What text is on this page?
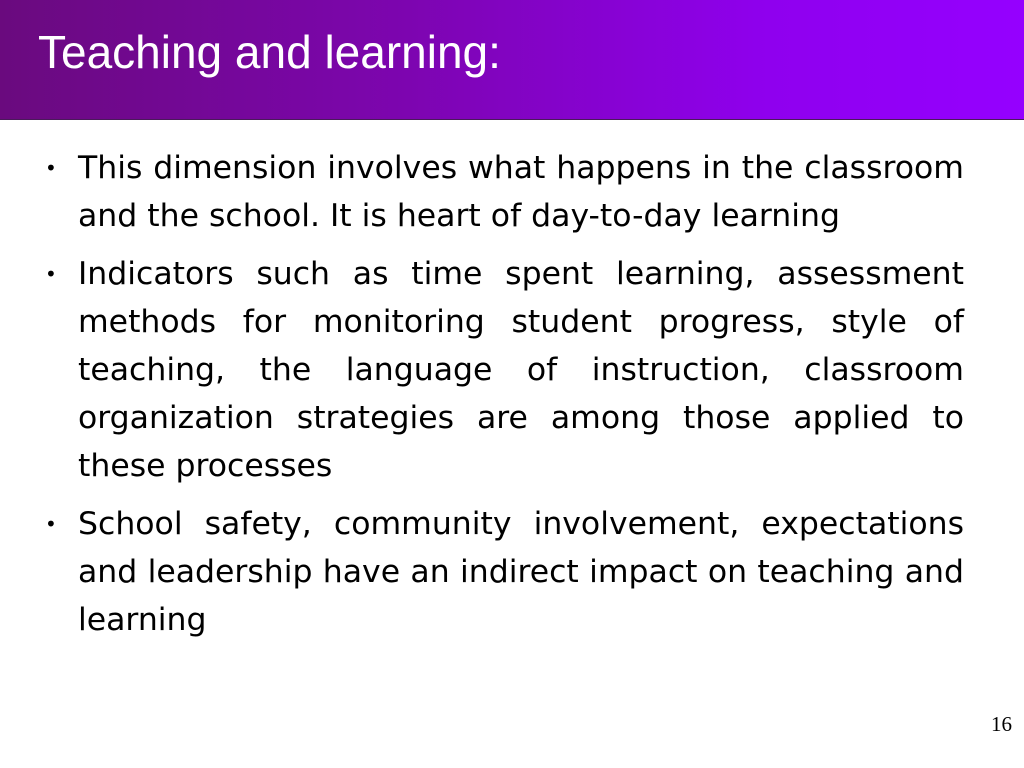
Teaching and learning:
• This dimension involves what happens in the classroom and the school. It is heart of day-to-day learning
• Indicators such as time spent learning, assessment methods for monitoring student progress, style of teaching, the language of instruction, classroom organization strategies are among those applied to these processes
• School safety, community involvement, expectations and leadership have an indirect impact on teaching and learning
16
